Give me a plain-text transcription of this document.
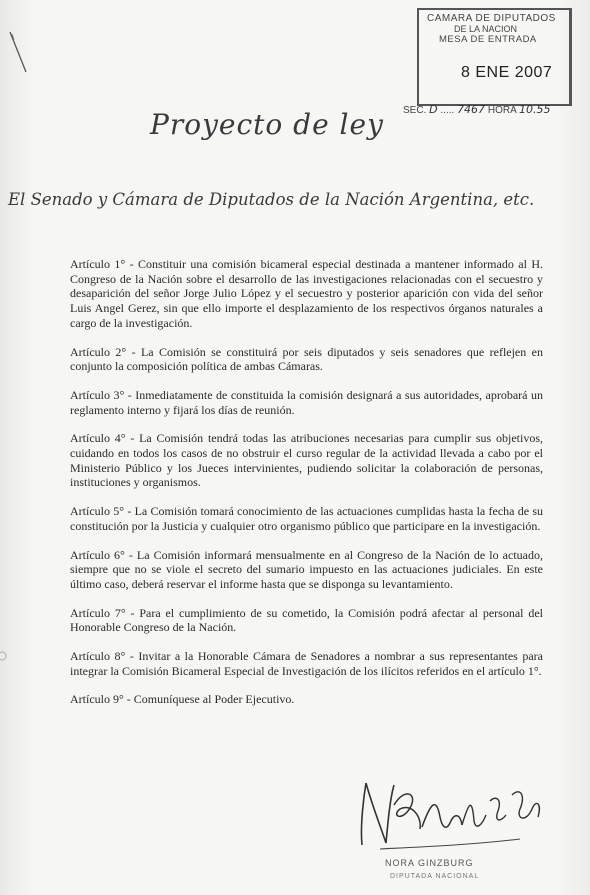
CAMARA DE DIPUTADOS
DE LA NACION
MESA DE ENTRADA
8 ENE 2007
SEC. D ..... 7467 HORA 10.55
Proyecto de ley
El Senado y Cámara de Diputados de la Nación Argentina, etc.

Artículo 1° - Constituir una comisión bicameral especial destinada a mantener informado al H. Congreso de la Nación sobre el desarrollo de las investigaciones relacionadas con el secuestro y desaparición del señor Jorge Julio López y el secuestro y posterior aparición con vida del señor Luis Angel Gerez, sin que ello importe el desplazamiento de los respectivos órganos naturales a cargo de la investigación.

Artículo 2° - La Comisión se constituirá por seis diputados y seis senadores que reflejen en conjunto la composición política de ambas Cámaras.

Artículo 3° - Inmediatamente de constituida la comisión designará a sus autoridades, aprobará un reglamento interno y fijará los días de reunión.

Artículo 4° - La Comisión tendrá todas las atribuciones necesarias para cumplir sus objetivos, cuidando en todos los casos de no obstruir el curso regular de la actividad llevada a cabo por el Ministerio Público y los Jueces intervinientes, pudiendo solicitar la colaboración de personas, instituciones y organismos.

Artículo 5° - La Comisión tomará conocimiento de las actuaciones cumplidas hasta la fecha de su constitución por la Justicia y cualquier otro organismo público que participare en la investigación.

Artículo 6° - La Comisión informará mensualmente en al Congreso de la Nación de lo actuado, siempre que no se viole el secreto del sumario impuesto en las actuaciones judiciales. En este último caso, deberá reservar el informe hasta que se disponga su levantamiento.

Artículo 7° - Para el cumplimiento de su cometido, la Comisión podrá afectar al personal del Honorable Congreso de la Nación.

Artículo 8° - Invitar a la Honorable Cámara de Senadores a nombrar a sus representantes para integrar la Comisión Bicameral Especial de Investigación de los ilícitos referidos en el artículo 1°.

Artículo 9° - Comuníquese al Poder Ejecutivo.

NORA GINZBURG
DIPUTADA NACIONAL
